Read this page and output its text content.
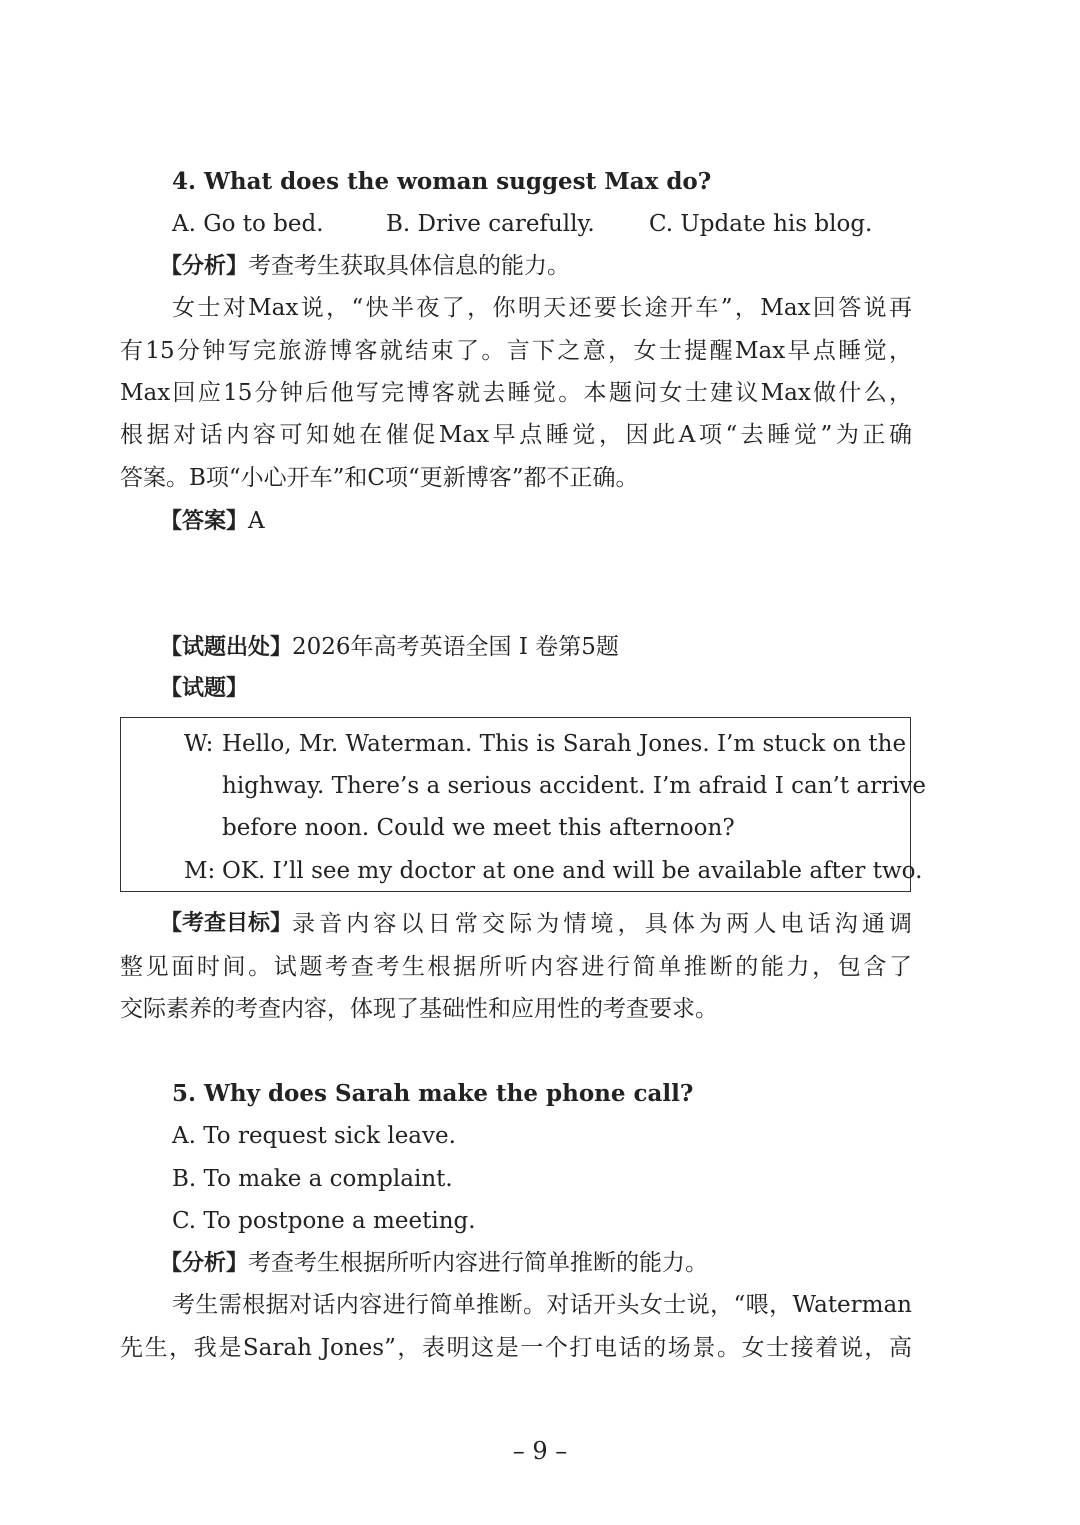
4. What does the woman suggest Max do?
A. Go to bed.	B. Drive carefully. C. Update his blog.
【分析】考查考生获取具体信息的能力。
女士对Max说，“快半夜了，你明天还要长途开车”，Max回答说再
有15分钟写完旅游博客就结束了。言下之意，女士提醒Max早点睡觉，
Max回应15分钟后他写完博客就去睡觉。本题问女士建议Max做什么，
根据对话内容可知她在催促Max早点睡觉，因此A项“去睡觉”为正确
答案。B项“小心开车”和C项“更新博客”都不正确。
【答案】A
【试题出处】2026年高考英语全国 I 卷第5题
【试题】
W: Hello, Mr. Waterman. This is Sarah Jones. I’m stuck on the
highway. There’s a serious accident. I’m afraid I can’t arrive
before noon. Could we meet this afternoon?
M: OK. I’ll see my doctor at one and will be available after two.
【考查目标】 录音内容以日常交际为情境，具体为两人电话沟通调
整见面时间。试题考查考生根据所听内容进行简单推断的能力，包含了
交际素养的考查内容，体现了基础性和应用性的考查要求。
5. Why does Sarah make the phone call?
A. To request sick leave.
B. To make a complaint.
C. To postpone a meeting.
【分析】考查考生根据所听内容进行简单推断的能力。
考生需根据对话内容进行简单推断。对话开头女士说，“喂，Waterman
先生，我是Sarah Jones”，表明这是一个打电话的场景。女士接着说，高
– 9 –
